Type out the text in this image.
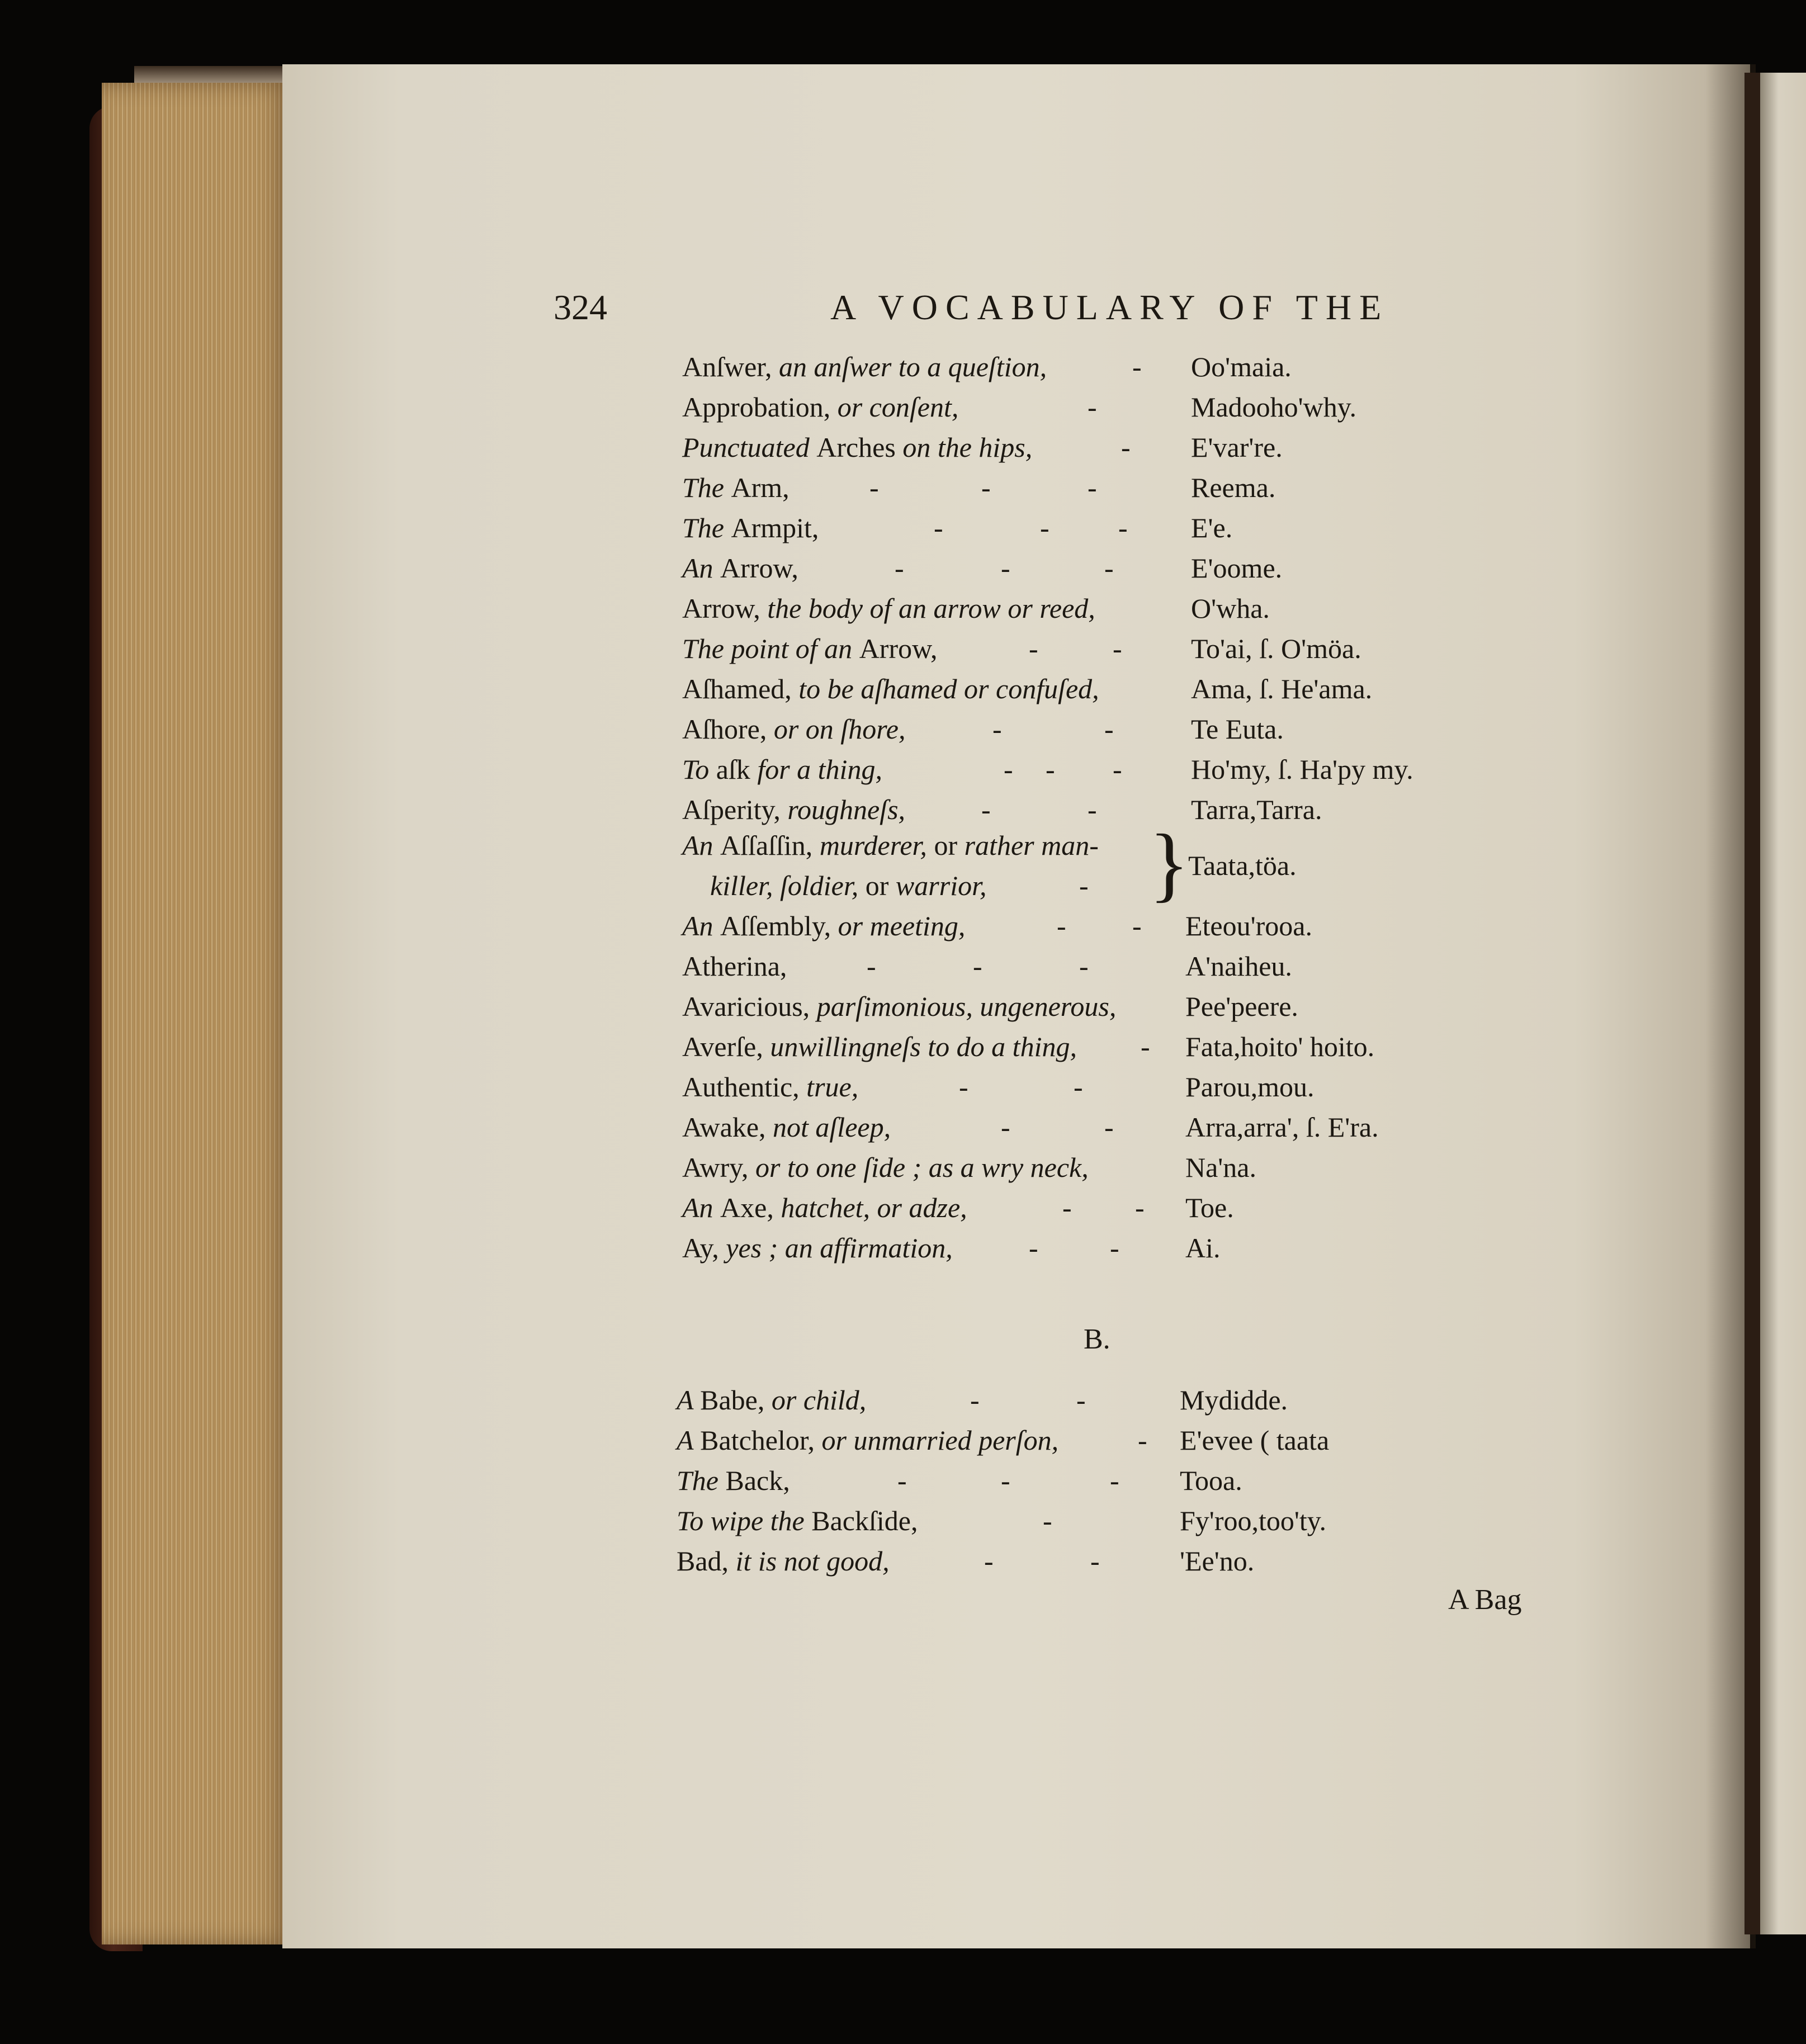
324	A VOCABULARY OF THE
Anſwer, an anſwer to a queſtion,	- Oo'maia.
Approbation, or conſent,	-	Madooho'why.
Punctuated Arches on the hips,	- E'var're.
The Arm,	-	-	-	Reema.
The Armpit,	-	- - E'e.
An Arrow,	-	-	-	E'oome.
Arrow, the body of an arrow or reed,	O'wha.
The point of an Arrow,	-	- To'ai, ſ. O'möa.
Aſhamed, to be aſhamed or confuſed,	Ama, ſ. He'ama.
Aſhore, or on ſhore,	-	-	Te Euta.
To aſk for a thing,	- - - Ho'my, ſ. Ha'py my.
Aſperity, roughneſs,	-	-	Tarra,Tarra.
An Aſſaſſin, murderer, or rather man-
killer, ſoldier, or warrior,	- }
Taata,töa.
An Aſſembly, or meeting,	- - Eteou'rooa.
Atherina,	-	-	-	A'naiheu.
Avaricious, parſimonious, ungenerous, Pee'peere.
Averſe, unwillingneſs to do a thing, - Fata,hoito' hoito.
Authentic, true,	-	-	Parou,mou.
Awake, not aſleep,	-	-	Arra,arra', ſ. E'ra.
Awry, or to one ſide ; as a wry neck,	Na'na.
An Axe, hatchet, or adze,	- - Toe.
Ay, yes ; an affirmation,	-	- Ai.
B.
A Babe, or child,	-	-	Mydidde.
A Batchelor, or unmarried perſon,	- E'evee ( taata
The Back,	-	-	- Tooa.
To wipe the Backſide,	-	Fy'roo,too'ty.
Bad, it is not good,	-	-	'Ee'no.
A Bag
